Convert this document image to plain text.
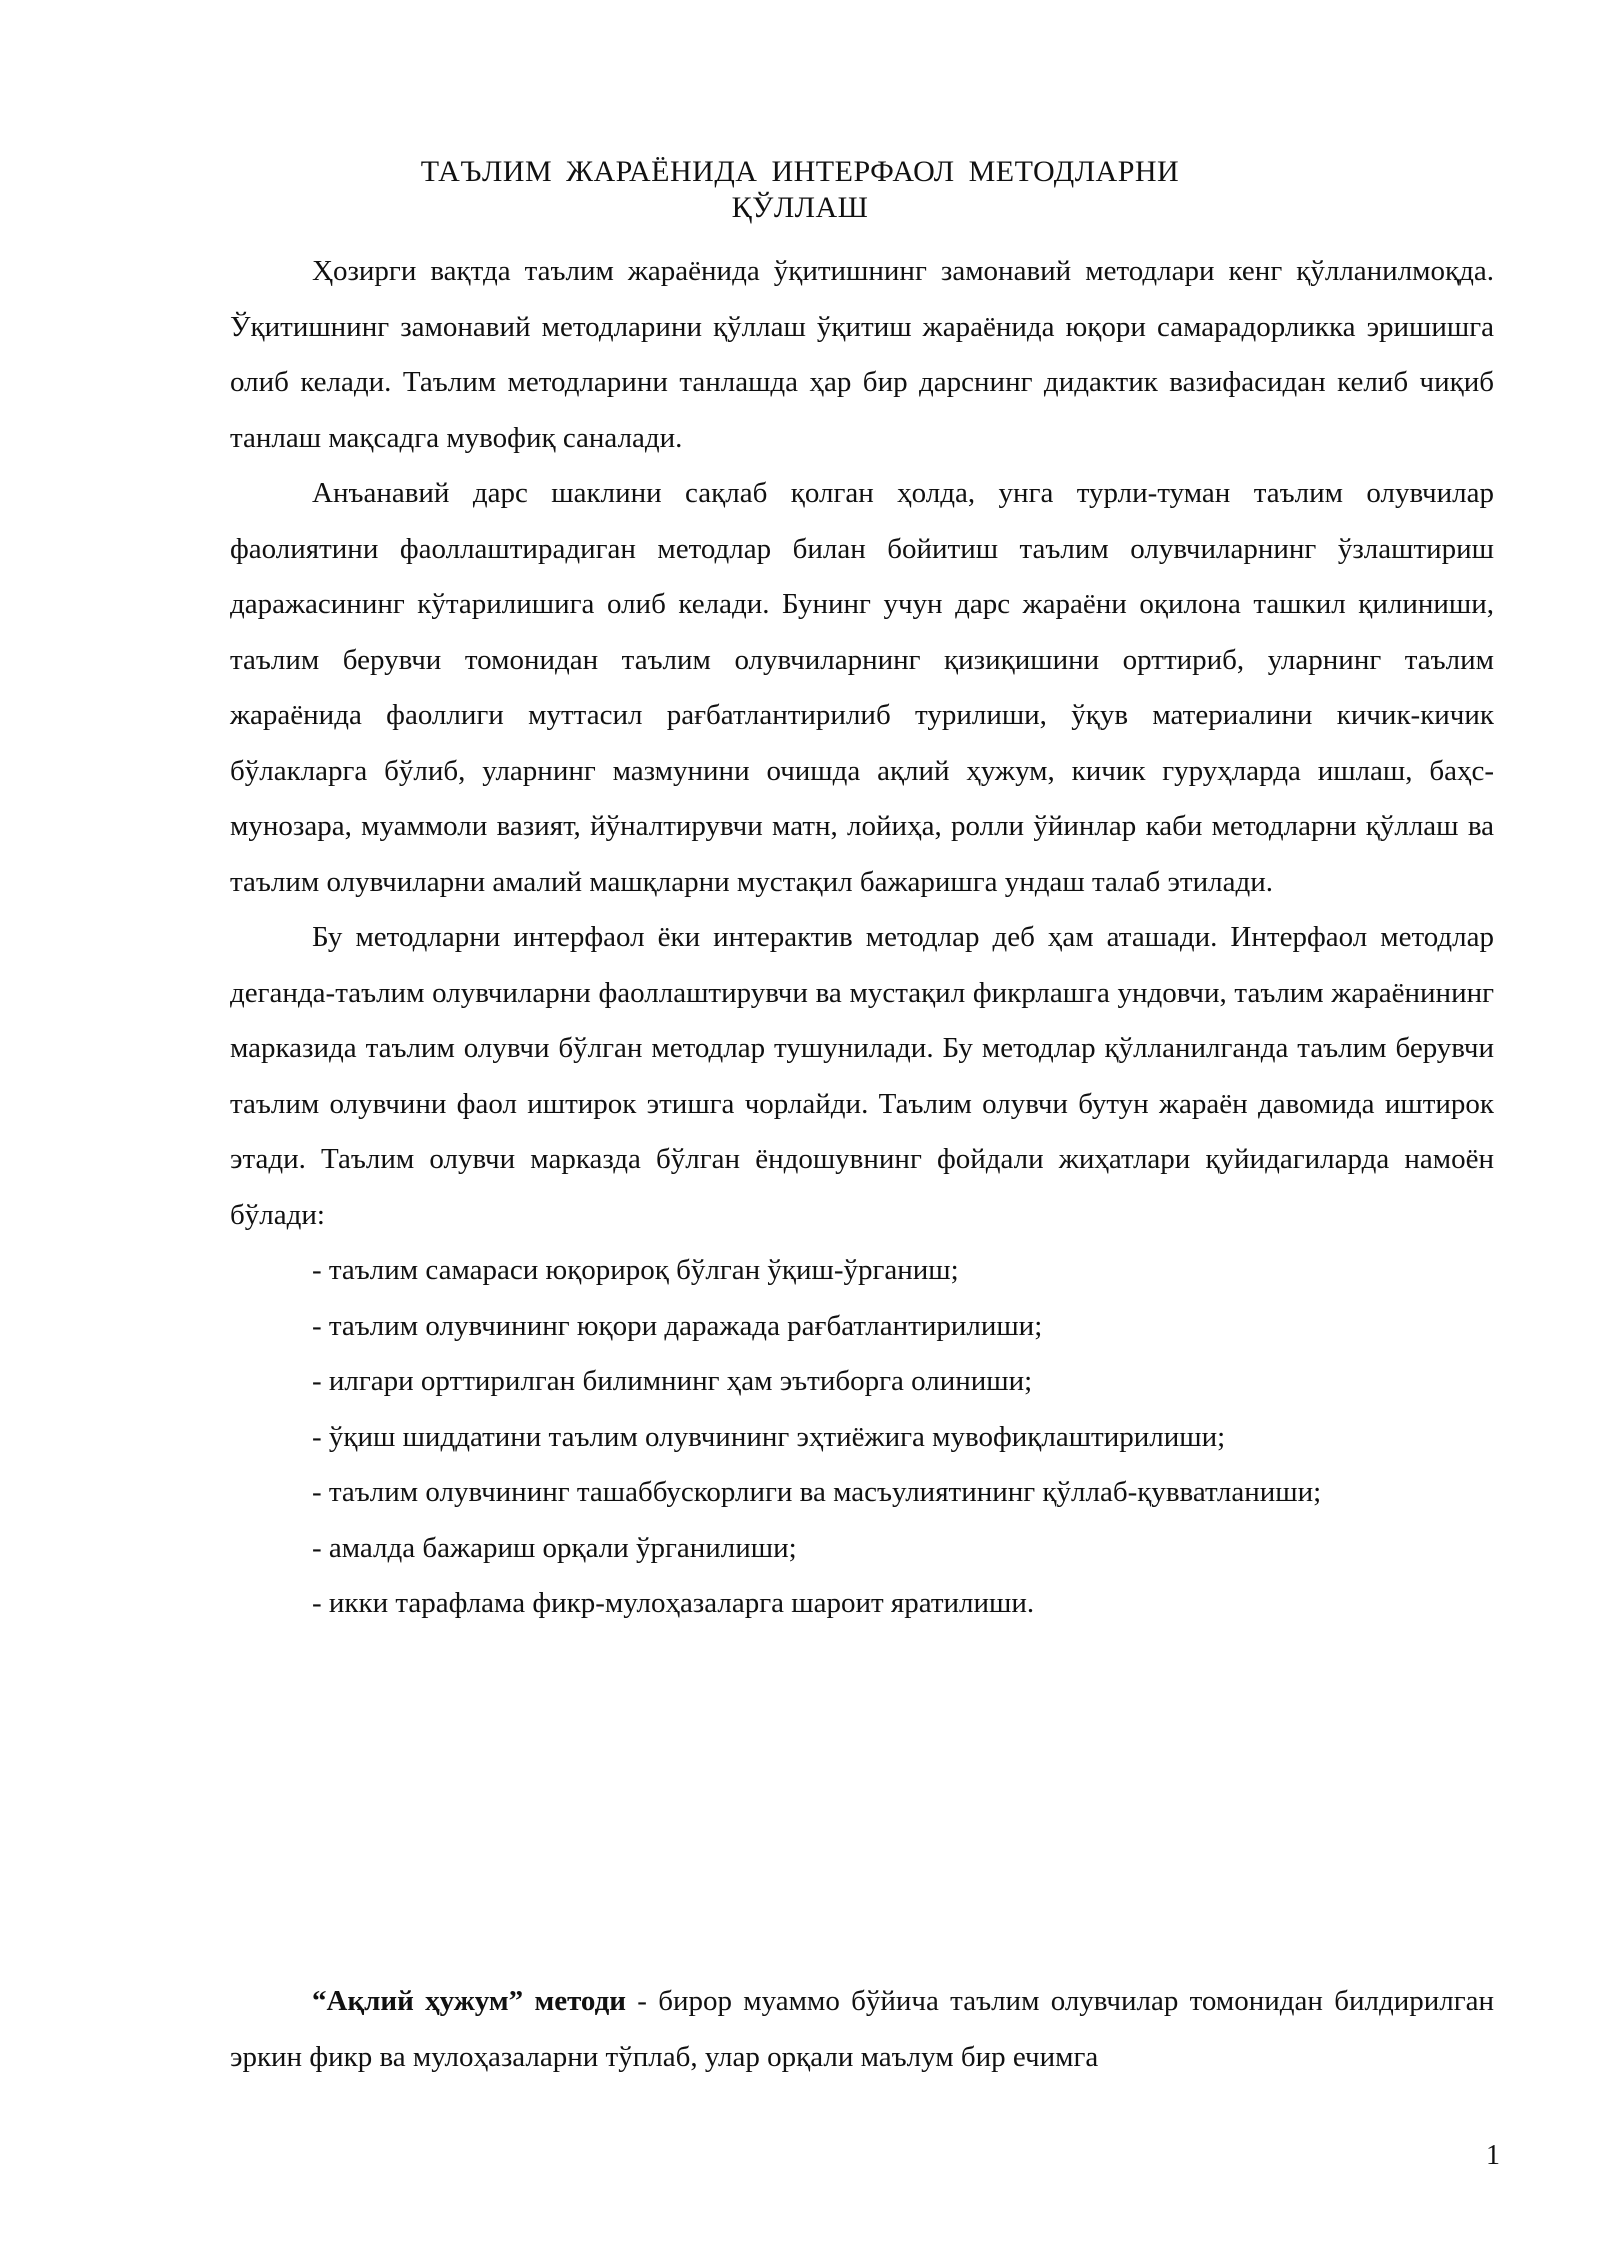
ТАЪЛИМ ЖАРАЁНИДА ИНТЕРФАОЛ МЕТОДЛАРНИ
ҚЎЛЛАШ

Ҳозирги вақтда таълим жараёнида ўқитишнинг замонавий методлари кенг қўлланилмоқда. Ўқитишнинг замонавий методларини қўллаш ўқитиш жараёнида юқори самарадорликка эришишга олиб келади. Таълим методларини танлашда ҳар бир дарснинг дидактик вазифасидан келиб чиқиб танлаш мақсадга мувофиқ саналади.

Анъанавий дарс шаклини сақлаб қолган ҳолда, унга турли-туман таълим олувчилар фаолиятини фаоллаштирадиган методлар билан бойитиш таълим олувчиларнинг ўзлаштириш даражасининг кўтарилишига олиб келади. Бунинг учун дарс жараёни оқилона ташкил қилиниши, таълим берувчи томонидан таълим олувчиларнинг қизиқишини орттириб, уларнинг таълим жараёнида фаоллиги муттасил рағбатлантирилиб турилиши, ўқув материалини кичик-кичик бўлакларга бўлиб, уларнинг мазмунини очишда ақлий ҳужум, кичик гуруҳларда ишлаш, баҳс-мунозара, муаммоли вазият, йўналтирувчи матн, лойиҳа, ролли ўйинлар каби методларни қўллаш ва таълим олувчиларни амалий машқларни мустақил бажаришга ундаш талаб этилади.

Бу методларни интерфаол ёки интерактив методлар деб ҳам аташади. Интерфаол методлар деганда-таълим олувчиларни фаоллаштирувчи ва мустақил фикрлашга ундовчи, таълим жараёнининг марказида таълим олувчи бўлган методлар тушунилади. Бу методлар қўлланилганда таълим берувчи таълим олувчини фаол иштирок этишга чорлайди. Таълим олувчи бутун жараён давомида иштирок этади. Таълим олувчи марказда бўлган ёндошувнинг фойдали жиҳатлари қуйидагиларда намоён бўлади:

- таълим самараси юқорироқ бўлган ўқиш-ўрганиш;
- таълим олувчининг юқори даражада рағбатлантирилиши;
- илгари орттирилган билимнинг ҳам эътиборга олиниши;
- ўқиш шиддатини таълим олувчининг эҳтиёжига мувофиқлаштирилиши;
- таълим олувчининг ташаббускорлиги ва масъулиятининг қўллаб-қувватланиши;
- амалда бажариш орқали ўрганилиши;
- икки тарафлама фикр-мулоҳазаларга шароит яратилиши.

“Ақлий ҳужум” методи - бирор муаммо бўйича таълим олувчилар томонидан билдирилган эркин фикр ва мулоҳазаларни тўплаб, улар орқали маълум бир ечимга

1
